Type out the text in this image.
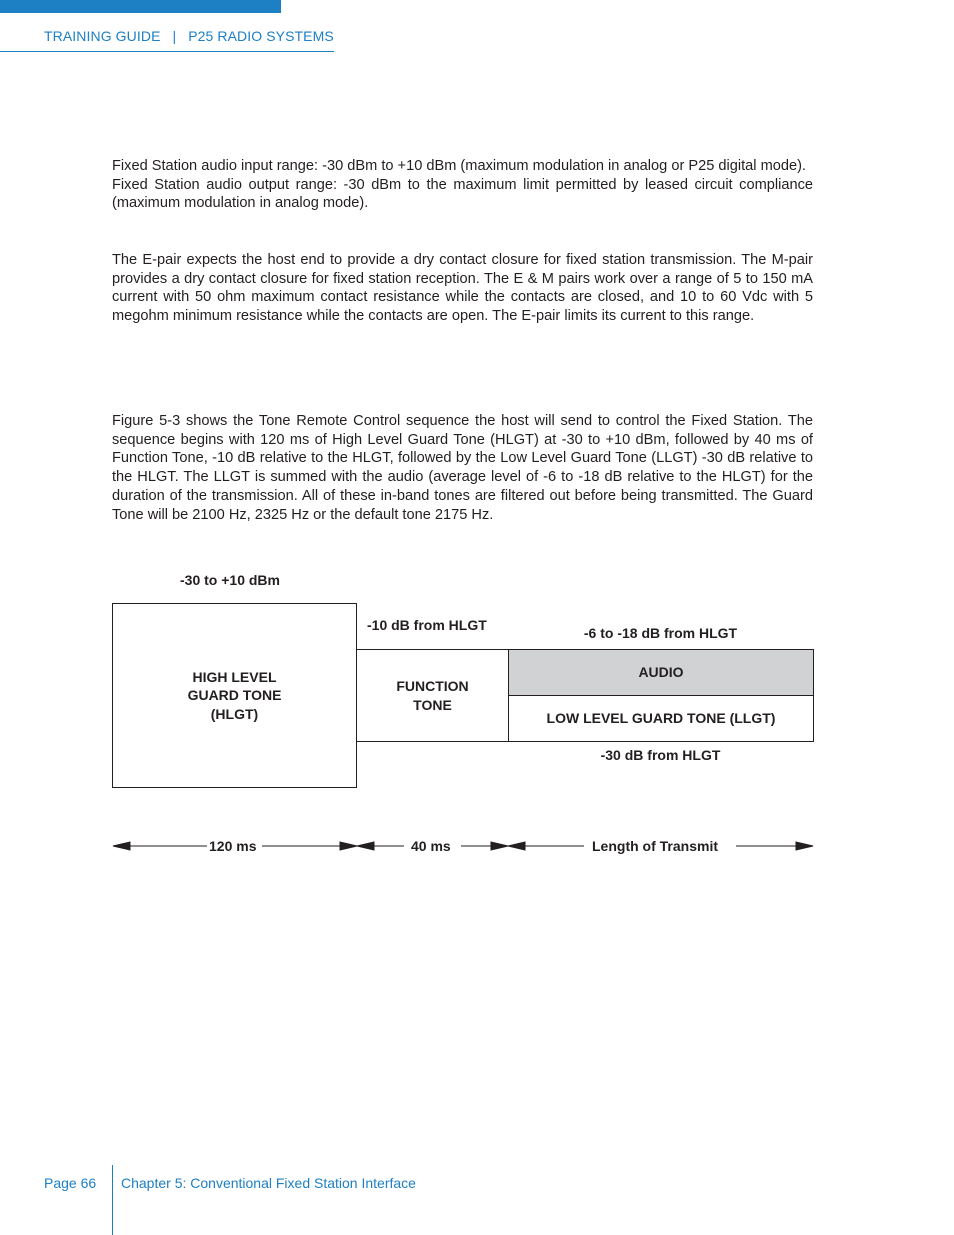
TRAINING GUIDE   |   P25 RADIO SYSTEMS

Fixed Station audio input range: -30 dBm to +10 dBm (maximum modulation in analog or P25 digital mode).
Fixed Station audio output range: -30 dBm to the maximum limit permitted by leased circuit compliance (maximum modulation in analog mode).

The E-pair expects the host end to provide a dry contact closure for fixed station transmission. The M-pair provides a dry contact closure for fixed station reception. The E & M pairs work over a range of 5 to 150 mA current with 50 ohm maximum contact resistance while the contacts are closed, and 10 to 60 Vdc with 5 megohm minimum resistance while the contacts are open. The E-pair limits its current to this range.

Figure 5-3 shows the Tone Remote Control sequence the host will send to control the Fixed Station. The sequence begins with 120 ms of High Level Guard Tone (HLGT) at -30 to +10 dBm, followed by 40 ms of Function Tone, -10 dB relative to the HLGT, followed by the Low Level Guard Tone (LLGT) -30 dB relative to the HLGT. The LLGT is summed with the audio (average level of -6 to -18 dB relative to the HLGT) for the duration of the transmission. All of these in-band tones are filtered out before being transmitted. The Guard Tone will be 2100 Hz, 2325 Hz or the default tone 2175 Hz.

-30 to +10 dBm
-10 dB from HLGT	-6 to -18 dB from HLGT
-30 dB from HLGT
HIGH LEVEL
GUARD TONE
(HLGT)
FUNCTION
TONE
AUDIO
LOW LEVEL GUARD TONE (LLGT)
120 ms	40 ms	Length of Transmit
Page 66 Chapter 5: Conventional Fixed Station Interface
